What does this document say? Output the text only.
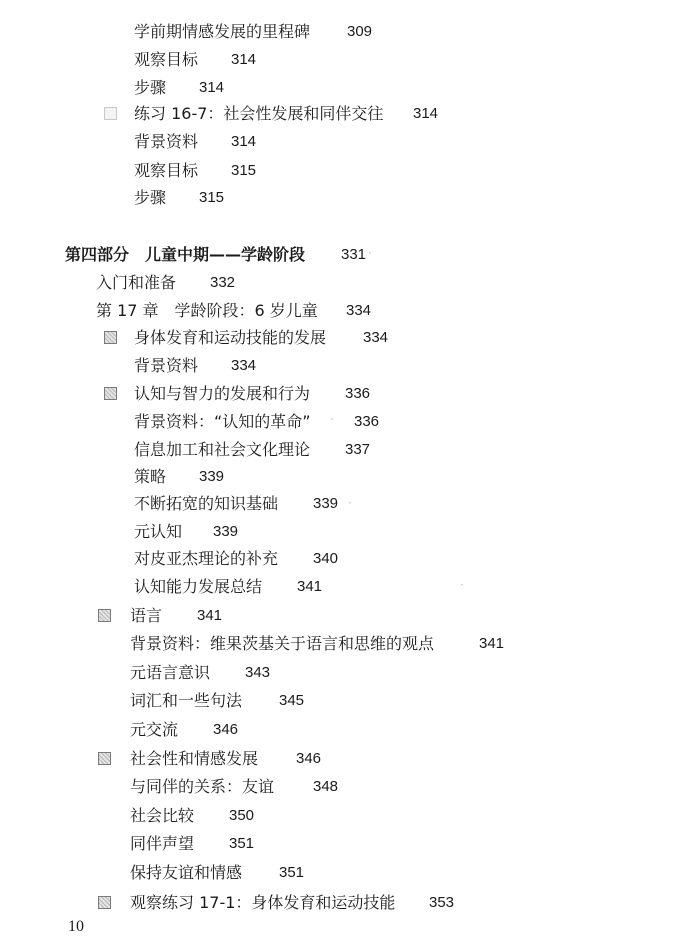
学前期情感发展的里程碑 309
观察目标 314
步骤 314
练习 16-7：社会性发展和同伴交往 314
背景资料 314
观察目标 315
步骤 315
第四部分　儿童中期——学龄阶段 331
入门和准备 332
第 17 章　学龄阶段：6 岁儿童 334
身体发育和运动技能的发展 334
背景资料 334
认知与智力的发展和行为 336
背景资料：“认知的革命”	336
信息加工和社会文化理论 337
策略 339
不断拓宽的知识基础 339
元认知 339
对皮亚杰理论的补充 340
认知能力发展总结 341
语言 341
背景资料：维果茨基关于语言和思维的观点	341
元语言意识 343
词汇和一些句法 345
元交流 346
社会性和情感发展	346
与同伴的关系：友谊	348
社会比较 350
同伴声望 351
保持友谊和情感 351
观察练习 17-1：身体发育和运动技能 353
·
·
·
·
10
